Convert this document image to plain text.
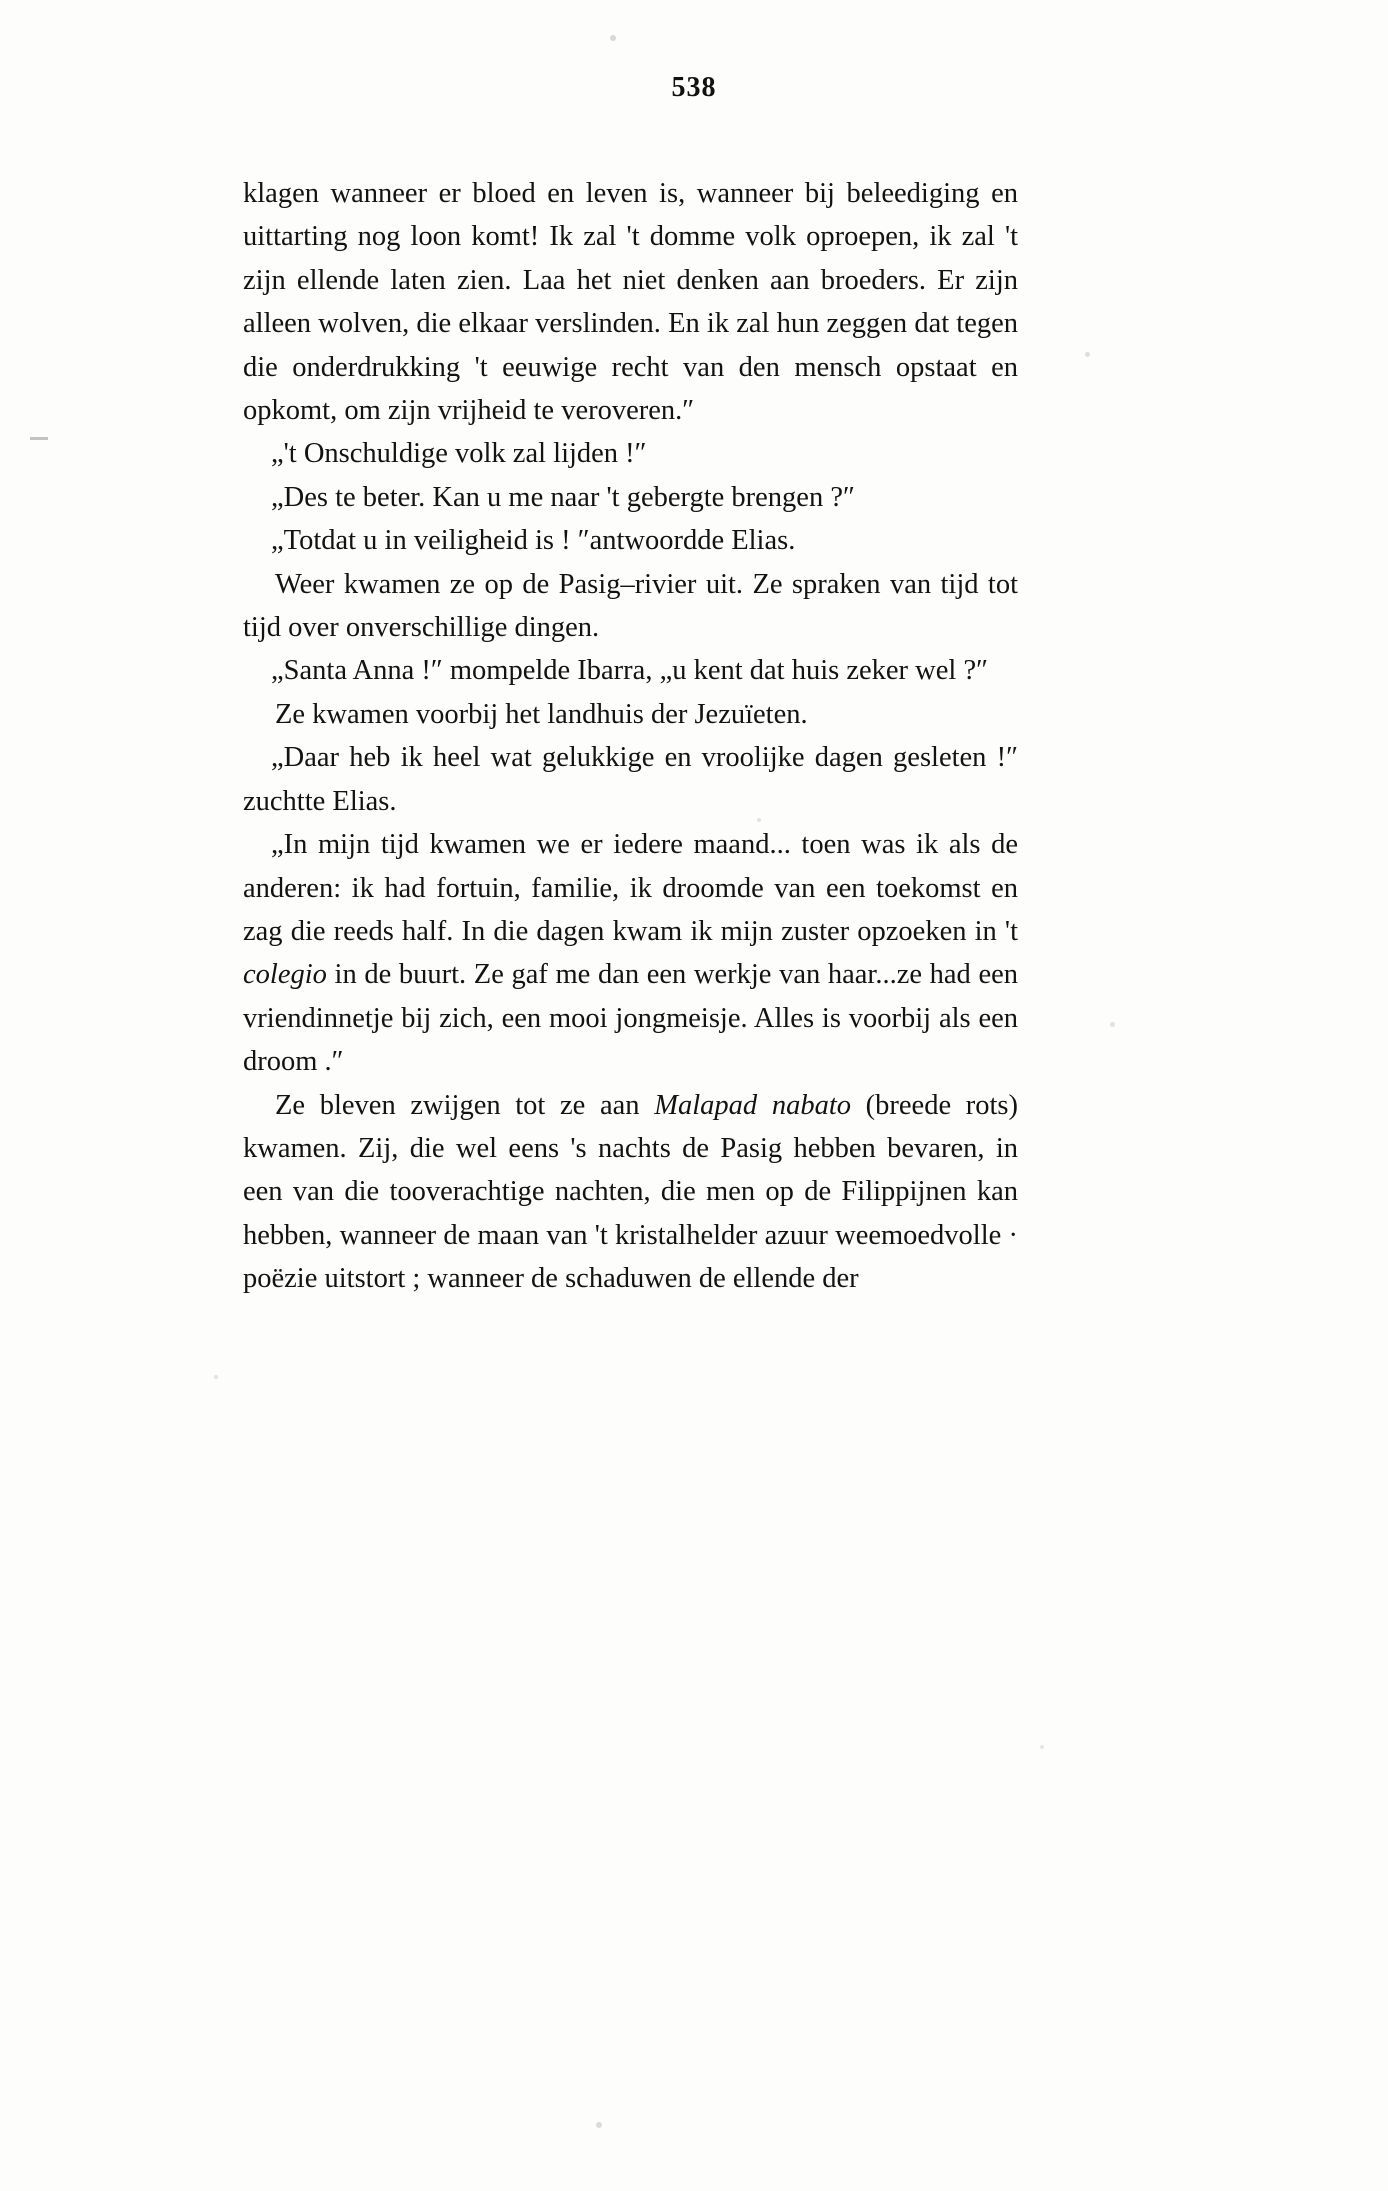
538

klagen wanneer er bloed en leven is, wanneer bij beleediging en uittarting nog loon komt! Ik zal 't domme volk oproepen, ik zal 't zijn ellende laten zien. Laa het niet denken aan broeders. Er zijn alleen wolven, die elkaar verslinden. En ik zal hun zeggen dat tegen die onderdrukking 't eeuwige recht van den mensch opstaat en opkomt, om zijn vrijheid te veroveren.″

„'t Onschuldige volk zal lijden !″

„Des te beter. Kan u me naar 't gebergte brengen ?″

„Totdat u in veiligheid is ! ″antwoordde Elias.

Weer kwamen ze op de Pasig–rivier uit. Ze spraken van tijd tot tijd over onverschillige dingen.

„Santa Anna !″ mompelde Ibarra, „u kent dat huis zeker wel ?″

Ze kwamen voorbij het landhuis der Jezuïeten.

„Daar heb ik heel wat gelukkige en vroolijke dagen gesleten !″ zuchtte Elias.

„In mijn tijd kwamen we er iedere maand... toen was ik als de anderen: ik had fortuin, familie, ik droomde van een toekomst en zag die reeds half. In die dagen kwam ik mijn zuster opzoeken in 't colegio in de buurt. Ze gaf me dan een werkje van haar...ze had een vriendinnetje bij zich, een mooi jongmeisje. Alles is voorbij als een droom .″

Ze bleven zwijgen tot ze aan Malapad nabato (breede rots) kwamen. Zij, die wel eens 's nachts de Pasig hebben bevaren, in een van die tooverachtige nachten, die men op de Filippijnen kan hebben, wanneer de maan van 't kristalhelder azuur weemoedvolle · poëzie uitstort ; wanneer de schaduwen de ellende der
